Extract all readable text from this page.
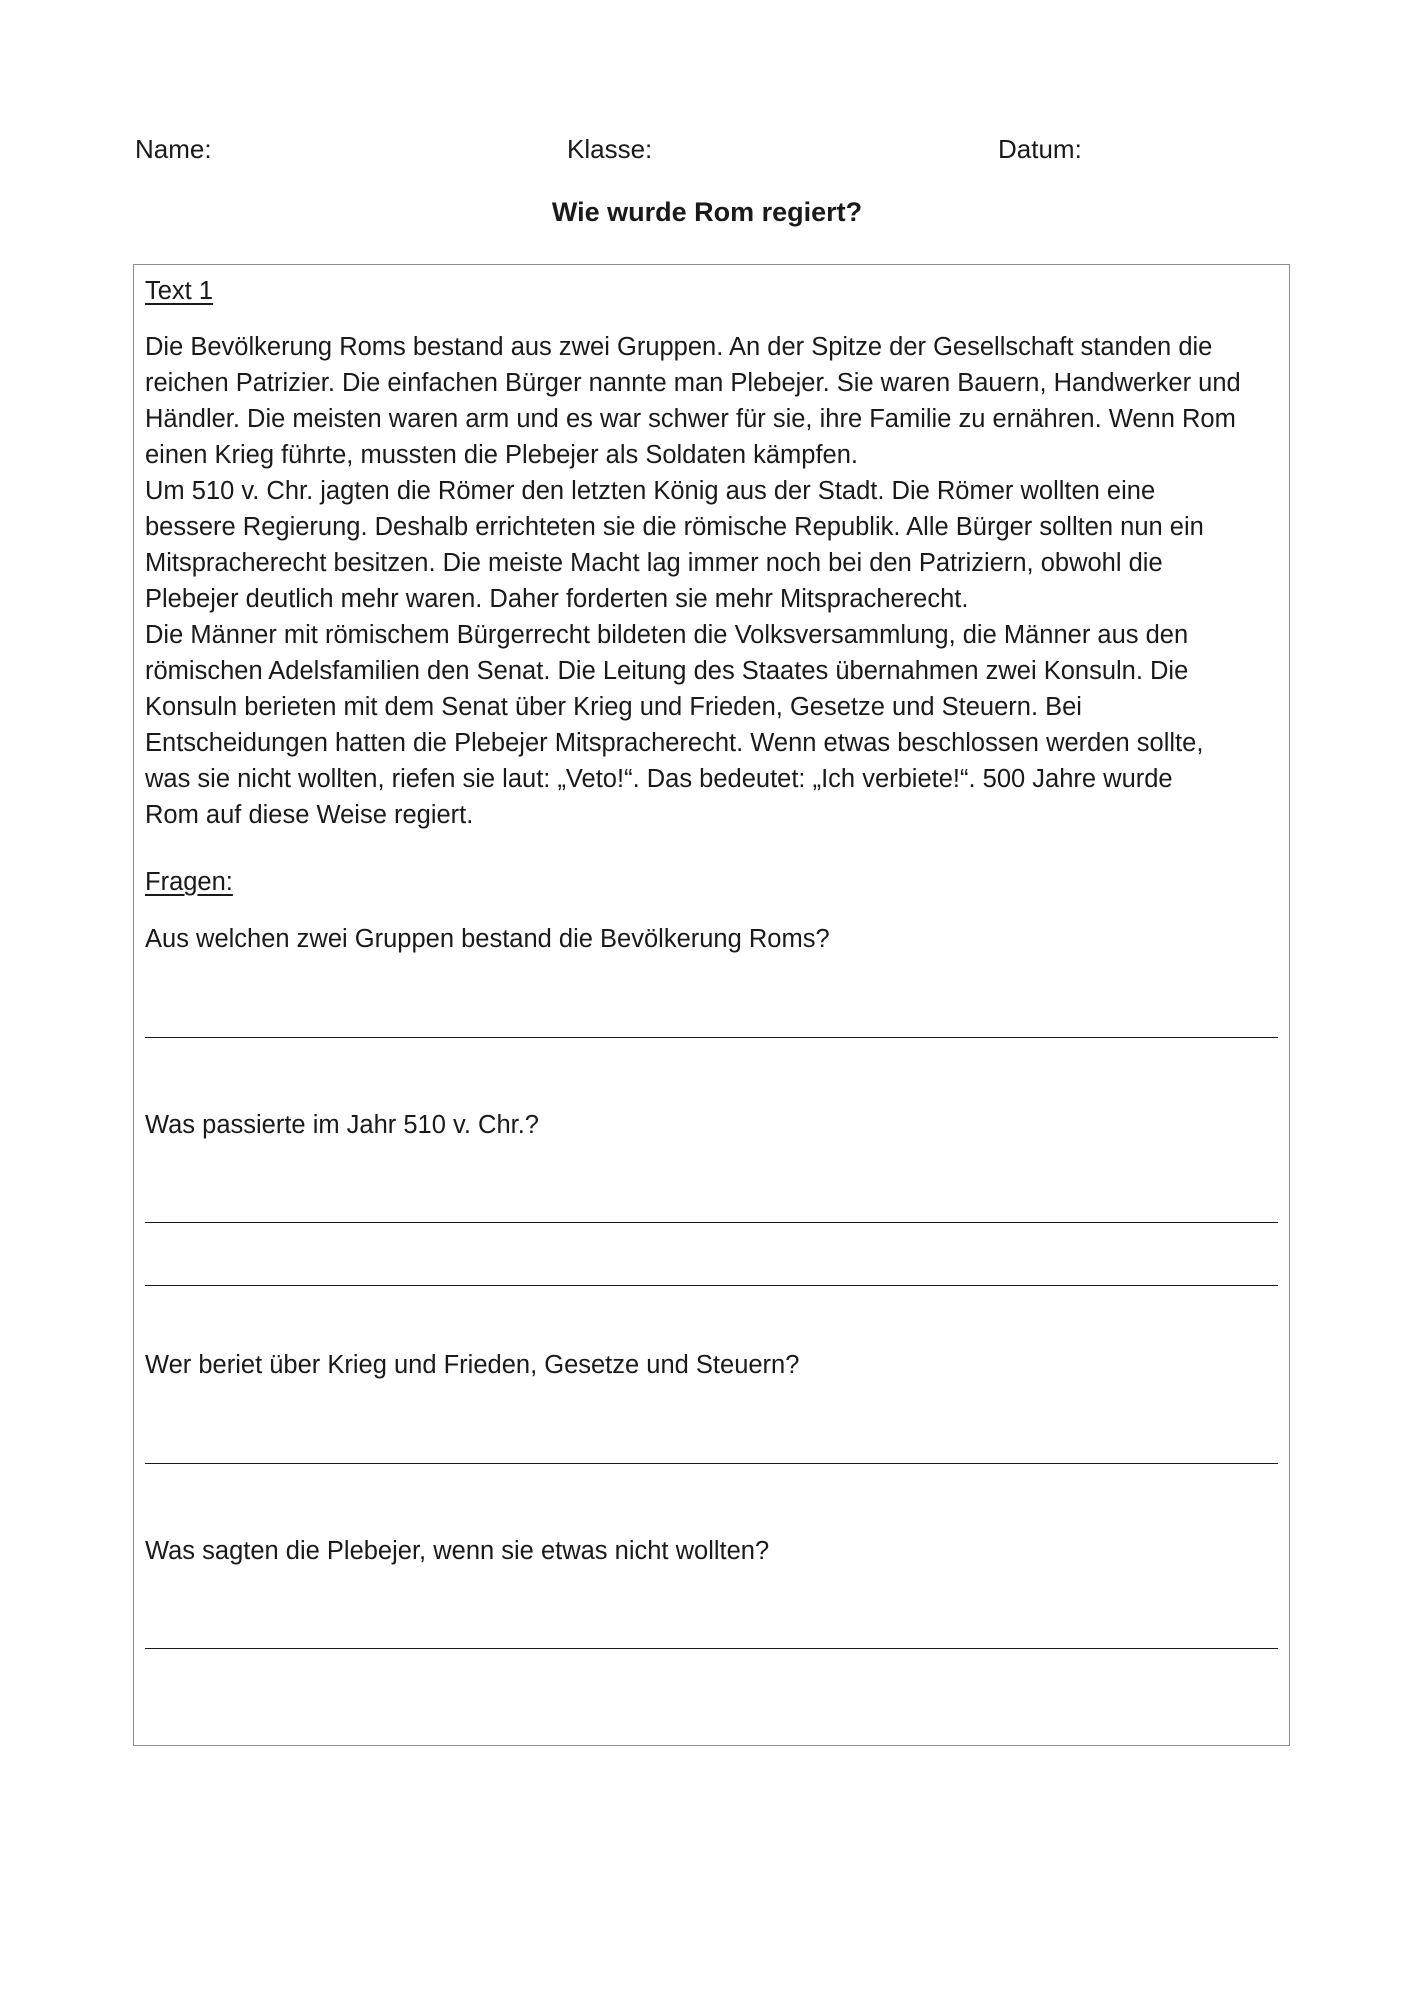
Name:	Klasse:	Datum:
Wie wurde Rom regiert?
Text 1
Die Bevölkerung Roms bestand aus zwei Gruppen. An der Spitze der Gesellschaft standen die
reichen Patrizier. Die einfachen Bürger nannte man Plebejer. Sie waren Bauern, Handwerker und
Händler. Die meisten waren arm und es war schwer für sie, ihre Familie zu ernähren. Wenn Rom
einen Krieg führte, mussten die Plebejer als Soldaten kämpfen.
Um 510 v. Chr. jagten die Römer den letzten König aus der Stadt. Die Römer wollten eine
bessere Regierung. Deshalb errichteten sie die römische Republik. Alle Bürger sollten nun ein
Mitspracherecht besitzen. Die meiste Macht lag immer noch bei den Patriziern, obwohl die
Plebejer deutlich mehr waren. Daher forderten sie mehr Mitspracherecht.
Die Männer mit römischem Bürgerrecht bildeten die Volksversammlung, die Männer aus den
römischen Adelsfamilien den Senat. Die Leitung des Staates übernahmen zwei Konsuln. Die
Konsuln berieten mit dem Senat über Krieg und Frieden, Gesetze und Steuern. Bei
Entscheidungen hatten die Plebejer Mitspracherecht. Wenn etwas beschlossen werden sollte,
was sie nicht wollten, riefen sie laut: „Veto!“. Das bedeutet: „Ich verbiete!“. 500 Jahre wurde
Rom auf diese Weise regiert.
Fragen:
Aus welchen zwei Gruppen bestand die Bevölkerung Roms?
Was passierte im Jahr 510 v. Chr.?
Wer beriet über Krieg und Frieden, Gesetze und Steuern?
Was sagten die Plebejer, wenn sie etwas nicht wollten?
